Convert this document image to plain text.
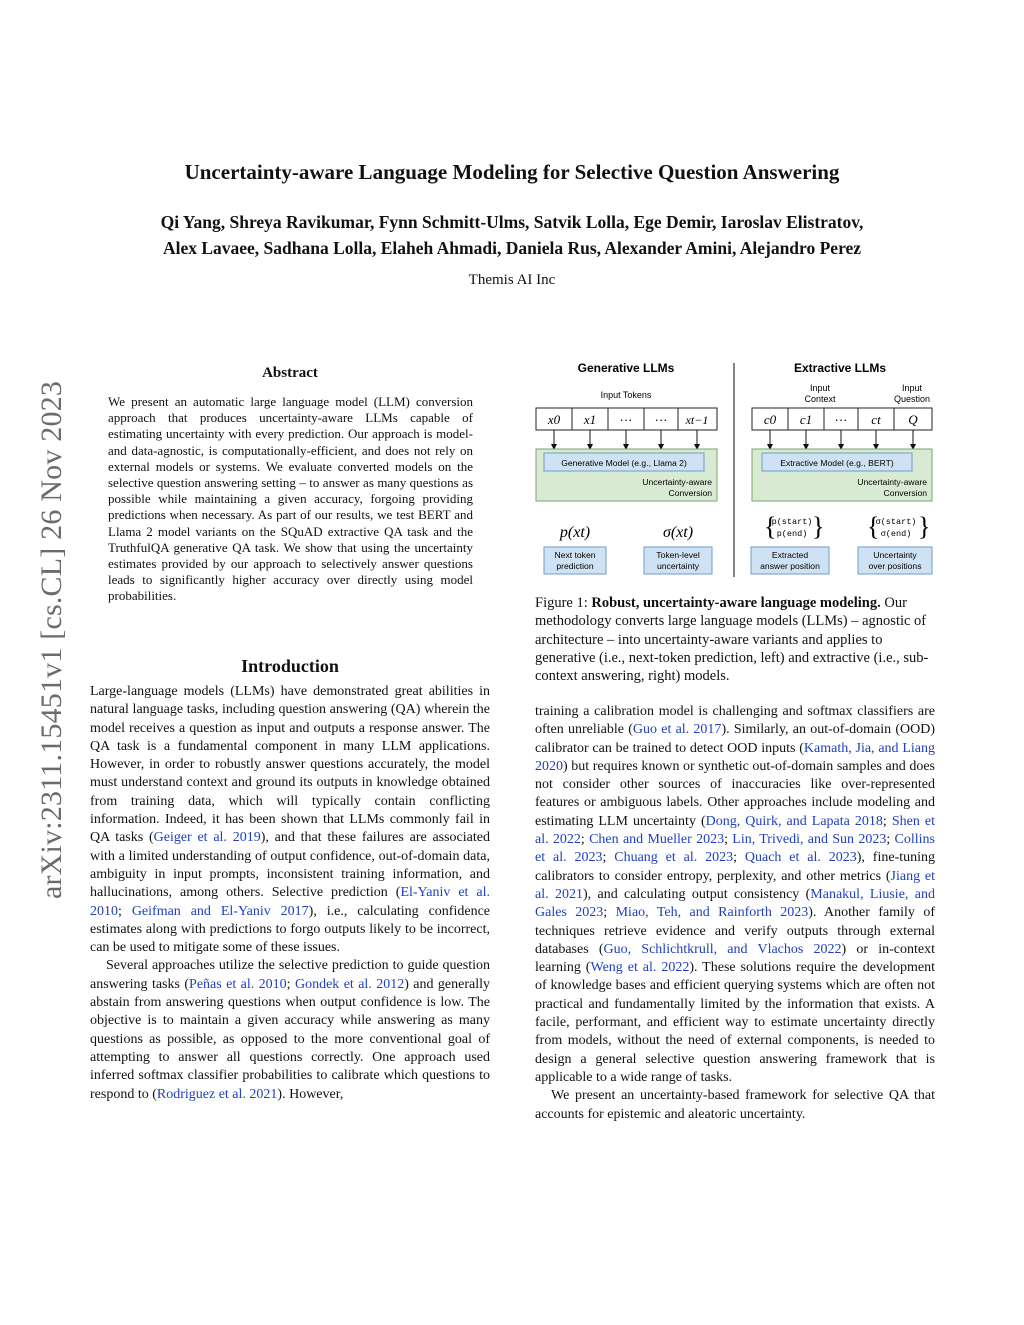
arXiv:2311.15451v1 [cs.CL] 26 Nov 2023
Uncertainty-aware Language Modeling for Selective Question Answering
Qi Yang, Shreya Ravikumar, Fynn Schmitt-Ulms, Satvik Lolla, Ege Demir, Iaroslav Elistratov,
Alex Lavaee, Sadhana Lolla, Elaheh Ahmadi, Daniela Rus, Alexander Amini, Alejandro Perez
Themis AI Inc
Abstract
We present an automatic large language model (LLM) conversion approach that produces uncertainty-aware LLMs capable of estimating uncertainty with every prediction. Our approach is model- and data-agnostic, is computationally-efficient, and does not rely on external models or systems. We evaluate converted models on the selective question answering setting – to answer as many questions as possible while maintaining a given accuracy, forgoing providing predictions when necessary. As part of our results, we test BERT and Llama 2 model variants on the SQuAD extractive QA task and the TruthfulQA generative QA task. We show that using the uncertainty estimates provided by our approach to selectively answer questions leads to significantly higher accuracy over directly using model probabilities.
Introduction

Large-language models (LLMs) have demonstrated great abilities in natural language tasks, including question answering (QA) wherein the model receives a question as input and outputs a response answer. The QA task is a fundamental component in many LLM applications. However, in order to robustly answer questions accurately, the model must understand context and ground its outputs in knowledge obtained from training data, which will typically contain conflicting information. Indeed, it has been shown that LLMs commonly fail in QA tasks (Geiger et al. 2019), and that these failures are associated with a limited understanding of output confidence, out-of-domain data, ambiguity in input prompts, inconsistent training information, and hallucinations, among others. Selective prediction (El-Yaniv et al. 2010; Geifman and El-Yaniv 2017), i.e., calculating confidence estimates along with predictions to forgo outputs likely to be incorrect, can be used to mitigate some of these issues.

Several approaches utilize the selective prediction to guide question answering tasks (Peñas et al. 2010; Gondek et al. 2012) and generally abstain from answering questions when output confidence is low. The objective is to maintain a given accuracy while answering as many questions as possible, as opposed to the more conventional goal of attempting to answer all questions correctly. One approach used inferred softmax classifier probabilities to calibrate which questions to respond to (Rodriguez et al. 2021). However,

Generative LLMs
Input Tokens
x0 x1 ··· ··· xt−1
Generative Model (e.g., Llama 2)
Uncertainty-aware Conversion
p(xt)	σ(xt)
Next token prediction
Token-level uncertainty
Extractive LLMs
Input Context
Input Question
c0 c1 ··· ct Q
Extractive Model (e.g., BERT)
Uncertainty-aware Conversion
{
p(start)
p(end) } {
σ(start)
σ(end) }
Extracted answer position
Uncertainty over positions
Figure 1: Robust, uncertainty-aware language modeling. Our methodology converts large language models (LLMs) – agnostic of architecture – into uncertainty-aware variants and applies to generative (i.e., next-token prediction, left) and extractive (i.e., sub-context answering, right) models.

training a calibration model is challenging and softmax classifiers are often unreliable (Guo et al. 2017). Similarly, an out-of-domain (OOD) calibrator can be trained to detect OOD inputs (Kamath, Jia, and Liang 2020) but requires known or synthetic out-of-domain samples and does not consider other sources of inaccuracies like over-represented features or ambiguous labels. Other approaches include modeling and estimating LLM uncertainty (Dong, Quirk, and Lapata 2018; Shen et al. 2022; Chen and Mueller 2023; Lin, Trivedi, and Sun 2023; Collins et al. 2023; Chuang et al. 2023; Quach et al. 2023), fine-tuning calibrators to consider entropy, perplexity, and other metrics (Jiang et al. 2021), and calculating output consistency (Manakul, Liusie, and Gales 2023; Miao, Teh, and Rainforth 2023). Another family of techniques retrieve evidence and verify outputs through external databases (Guo, Schlichtkrull, and Vlachos 2022) or in-context learning (Weng et al. 2022). These solutions require the development of knowledge bases and efficient querying systems which are often not practical and fundamentally limited by the information that exists. A facile, performant, and efficient way to estimate uncertainty directly from models, without the need of external components, is needed to design a general selective question answering framework that is applicable to a wide range of tasks.

We present an uncertainty-based framework for selective QA that accounts for epistemic and aleatoric uncertainty.
